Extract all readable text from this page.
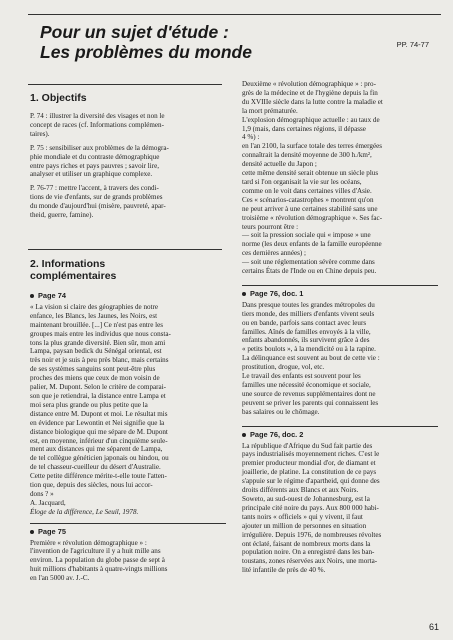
Pour un sujet d'étude :
Les problèmes du monde	PP. 74-77
1. Objectifs
P. 74 : illustrer la diversité des visages et non le
concept de races (cf. Informations complémen-
taires).
P. 75 : sensibiliser aux problèmes de la démogra-
phie mondiale et du contraste démographique
entre pays riches et pays pauvres ; savoir lire,
analyser et utiliser un graphique complexe.
P. 76-77 : mettre l'accent, à travers des condi-
tions de vie d'enfants, sur de grands problèmes
du monde d'aujourd'hui (misère, pauvreté, apar-
theid, guerre, famine).
2. Informations
complémentaires
Page 74
« La vision si claire des géographies de notre
enfance, les Blancs, les Jaunes, les Noirs, est
maintenant brouillée. [...] Ce n'est pas entre les
groupes mais entre les individus que nous consta-
tons la plus grande diversité. Bien sûr, mon ami
Lampa, paysan bedick du Sénégal oriental, est
très noir et je suis à peu près blanc, mais certains
de ses systèmes sanguins sont peut-être plus
proches des miens que ceux de mon voisin de
palier, M. Dupont. Selon le critère de comparai-
son que je retiendrai, la distance entre Lampa et
moi sera plus grande ou plus petite que la
distance entre M. Dupont et moi. Le résultat mis
en évidence par Lewontin et Nei signifie que la
distance biologique qui me sépare de M. Dupont
est, en moyenne, inférieur d'un cinquième seule-
ment aux distances qui me séparent de Lampa,
de tel collègue généticien japonais ou hindou, ou
de tel chasseur-cueilleur du désert d'Australie.
Cette petite différence mérite-t-elle toute l'atten-
tion que, depuis des siècles, nous lui accor-
dons ? »
A. Jacquard,
Éloge de la différence, Le Seuil, 1978.
Page 75
Première « révolution démographique » :
l'invention de l'agriculture il y a huit mille ans
environ. La population du globe passe de sept à
huit millions d'habitants à quatre-vingts millions
en l'an 5000 av. J.-C.
Deuxième « révolution démographique » : pro-
grès de la médecine et de l'hygiène depuis la fin
du XVIIIe siècle dans la lutte contre la maladie et
la mort prématurée.
L'explosion démographique actuelle : au taux de
1,9 (mais, dans certaines régions, il dépasse
4 %) :
en l'an 2100, la surface totale des terres émergées
connaîtrait la densité moyenne de 300 h./km²,
densité actuelle du Japon ;
cette même densité serait obtenue un siècle plus
tard si l'on organisait la vie sur les océans,
comme on le voit dans certaines villes d'Asie.
Ces « scénarios-catastrophes » montrent qu'on
ne peut arriver à une certaines stabilité sans une
troisième « révolution démographique ». Ses fac-
teurs pourront être :
— soit la pression sociale qui « impose » une
norme (les deux enfants de la famille européenne
ces dernières années) ;
— soit une réglementation sévère comme dans
certains États de l'Inde ou en Chine depuis peu.
Page 76, doc. 1
Dans presque toutes les grandes métropoles du
tiers monde, des milliers d'enfants vivent seuls
ou en bande, parfois sans contact avec leurs
familles. Aînés de familles envoyés à la ville,
enfants abandonnés, ils survivent grâce à des
« petits boulots », à la mendicité ou à la rapine.
La délinquance est souvent au bout de cette vie :
prostitution, drogue, vol, etc.
Le travail des enfants est souvent pour les
familles une nécessité économique et sociale,
une source de revenus supplémentaires dont ne
peuvent se priver les parents qui connaissent les
bas salaires ou le chômage.
Page 76, doc. 2
La république d'Afrique du Sud fait partie des
pays industrialisés moyennement riches. C'est le
premier producteur mondial d'or, de diamant et
joaillerie, de platine. La constitution de ce pays
s'appuie sur le régime d'apartheid, qui donne des
droits différents aux Blancs et aux Noirs.
Soweto, au sud-ouest de Johannesburg, est la
principale cité noire du pays. Aux 800 000 habi-
tants noirs « officiels » qui y vivent, il faut
ajouter un million de personnes en situation
irrégulière. Depuis 1976, de nombreuses révoltes
ont éclaté, faisant de nombreux morts dans la
population noire. On a enregistré dans les ban-
toustans, zones réservées aux Noirs, une morta-
lité infantile de près de 40 %.
61
